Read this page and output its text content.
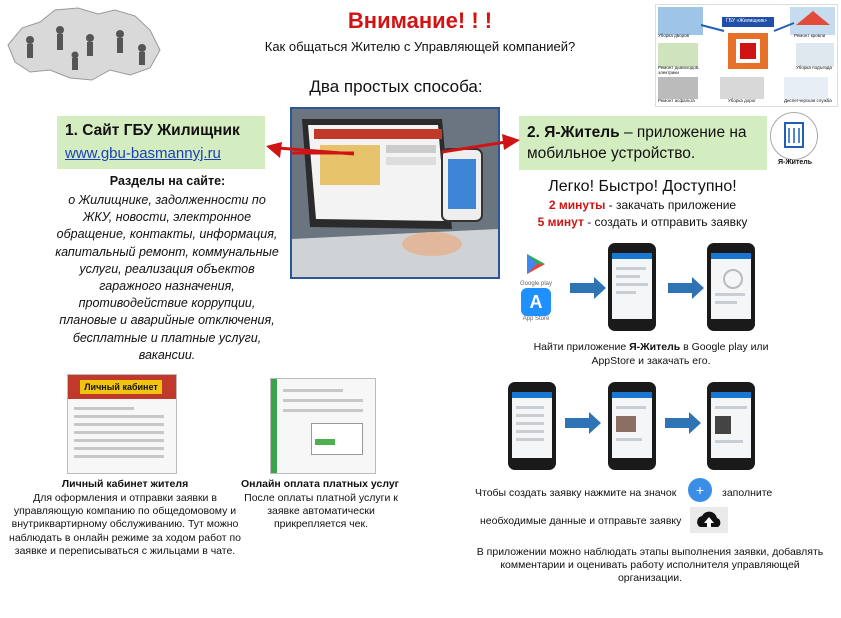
Внимание! ! !
Как общаться Жителю с Управляющей компанией?
Два простых способа:
Уборка дворов	Ремонт кровли
Ремонт дымоходов, электрики
ГБУ «Жилищник»
Уборка подъезда
Ремонт асфальта	Уборка дорог	Диспетчерская служба
1. Сайт ГБУ Жилищник
www.gbu-basmannyj.ru
2. Я-Житель – приложение на мобильное устройство.
Я-Житель
Разделы на сайте:
о Жилищнике, задолженности по ЖКУ, новости, электронное обращение, контакты, информация, капитальный ремонт, коммунальные услуги, реализация объектов гаражного назначения, противодействие коррупции, плановые и аварийные отключения, бесплатные и платные услуги, вакансии.
Легко! Быстро! Доступно!
2 минуты - закачать приложение
5 минут - создать и отправить заявку
Google play
A
App Store
Найти приложение Я-Житель в Google play или AppStore и закачать его.
Чтобы создать заявку нажмите на значок	+	заполните
необходимые данные и отправьте заявку
В приложении можно наблюдать этапы выполнения заявки, добавлять комментарии и оценивать работу исполнителя управляющей организации.
Личный кабинет
Личный кабинет жителя
Для оформления и отправки заявки в управляющую компанию по общедомовому и внутриквартирному обслуживанию. Тут можно наблюдать в онлайн режиме за ходом работ по заявке и переписываться с жильцами в чате.
Онлайн оплата платных услуг
После оплаты платной услуги к заявке автоматически прикрепляется чек.
